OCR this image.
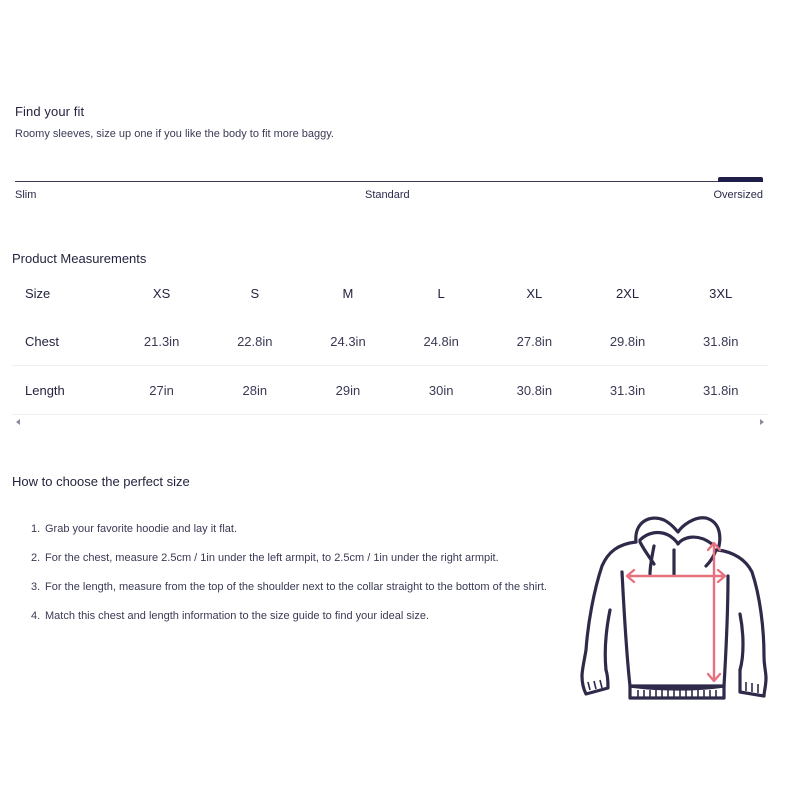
Find your fit
Roomy sleeves, size up one if you like the body to fit more baggy.
Slim	Standard	Oversized
Product Measurements
Size	XS	S	M	L	XL	2XL	3XL
Chest	21.3in	22.8in	24.3in	24.8in	27.8in	29.8in	31.8in
Length	27in	28in	29in	30in	30.8in	31.3in	31.8in
How to choose the perfect size
1. Grab your favorite hoodie and lay it flat.
2. For the chest, measure 2.5cm / 1in under the left armpit, to 2.5cm / 1in under the right armpit.
3. For the length, measure from the top of the shoulder next to the collar straight to the bottom of the shirt.
4. Match this chest and length information to the size guide to find your ideal size.
